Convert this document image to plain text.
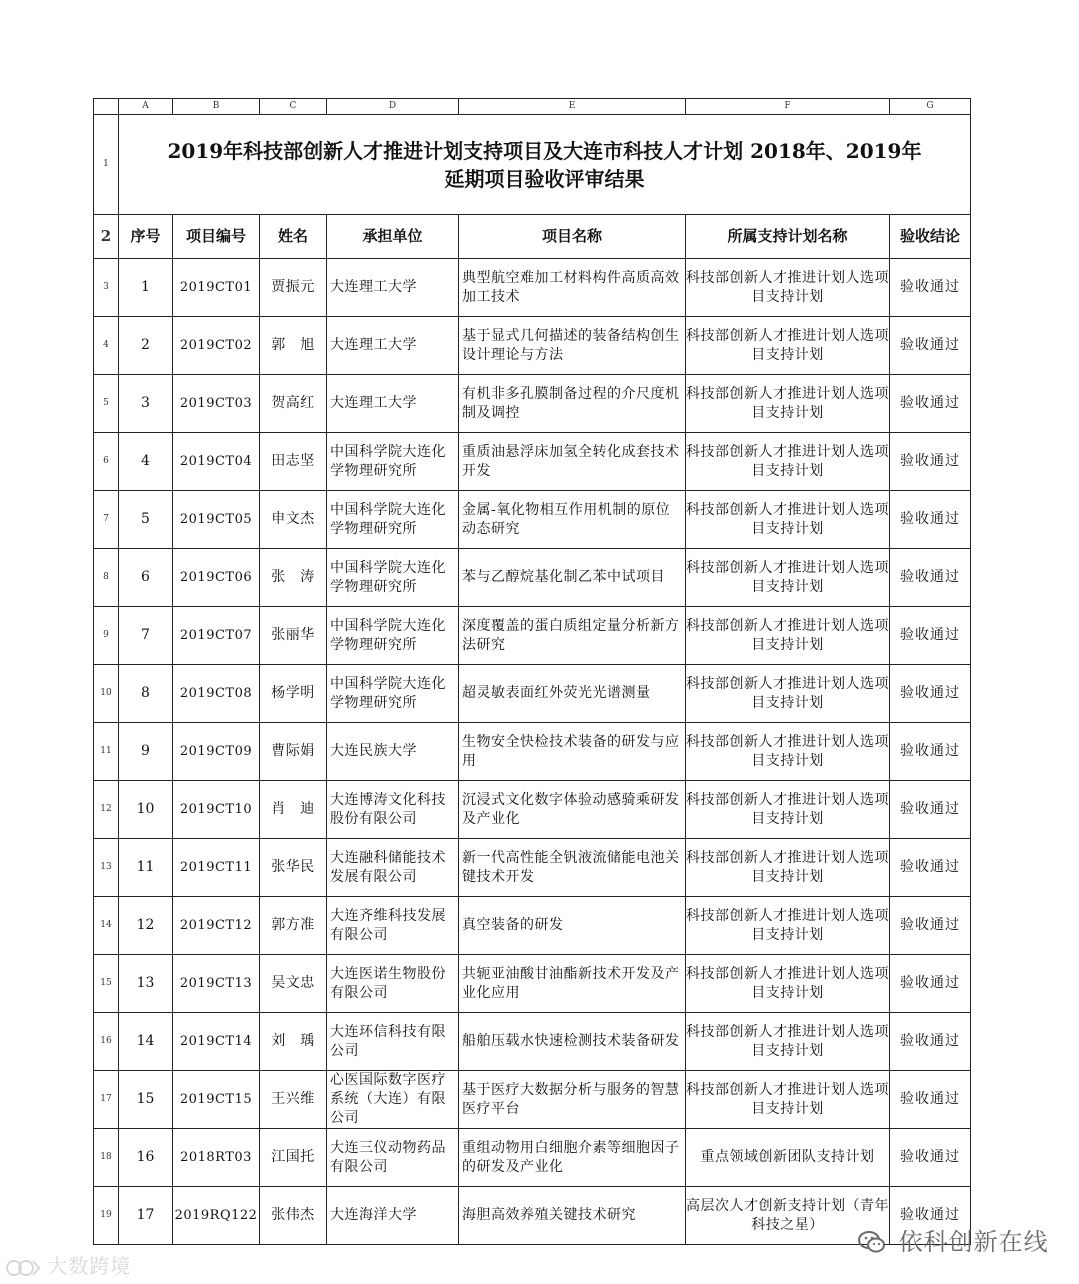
	A	B	C	D	E	F	G
1	2019年科技部创新人才推进计划支持项目及大连市科技人才计划 2018年、2019年
延期项目验收评审结果						

2	序号	项目编号	姓名	承担单位	项目名称	所属支持计划名称	验收结论
3	1	2019CT01	贾振元	大连理工大学	典型航空难加工材料构件高质高效加工技术	科技部创新人才推进计划人选项目支持计划	验收通过
4	2	2019CT02	郭　旭	大连理工大学	基于显式几何描述的装备结构创生设计理论与方法	科技部创新人才推进计划人选项目支持计划	验收通过
5	3	2019CT03	贺高红	大连理工大学	有机非多孔膜制备过程的介尺度机制及调控	科技部创新人才推进计划人选项目支持计划	验收通过
6	4	2019CT04	田志坚	中国科学院大连化学物理研究所	重质油悬浮床加氢全转化成套技术开发	科技部创新人才推进计划人选项目支持计划	验收通过
7	5	2019CT05	申文杰	中国科学院大连化学物理研究所	金属-氧化物相互作用机制的原位动态研究	科技部创新人才推进计划人选项目支持计划	验收通过
8	6	2019CT06	张　涛	中国科学院大连化学物理研究所	苯与乙醇烷基化制乙苯中试项目	科技部创新人才推进计划人选项目支持计划	验收通过
9	7	2019CT07	张丽华	中国科学院大连化学物理研究所	深度覆盖的蛋白质组定量分析新方法研究	科技部创新人才推进计划人选项目支持计划	验收通过
10	8	2019CT08	杨学明	中国科学院大连化学物理研究所	超灵敏表面红外荧光光谱测量	科技部创新人才推进计划人选项目支持计划	验收通过
11	9	2019CT09	曹际娟	大连民族大学	生物安全快检技术装备的研发与应用	科技部创新人才推进计划人选项目支持计划	验收通过
12	10	2019CT10	肖　迪	大连博涛文化科技股份有限公司	沉浸式文化数字体验动感骑乘研发及产业化	科技部创新人才推进计划人选项目支持计划	验收通过
13	11	2019CT11	张华民	大连融科储能技术发展有限公司	新一代高性能全钒液流储能电池关键技术开发	科技部创新人才推进计划人选项目支持计划	验收通过
14	12	2019CT12	郭方准	大连齐维科技发展有限公司	真空装备的研发	科技部创新人才推进计划人选项目支持计划	验收通过
15	13	2019CT13	吴文忠	大连医诺生物股份有限公司	共轭亚油酸甘油酯新技术开发及产业化应用	科技部创新人才推进计划人选项目支持计划	验收通过
16	14	2019CT14	刘　瑀	大连环信科技有限公司	船舶压载水快速检测技术装备研发	科技部创新人才推进计划人选项目支持计划	验收通过
17	15	2019CT15	王兴维	心医国际数字医疗系统（大连）有限公司	基于医疗大数据分析与服务的智慧医疗平台	科技部创新人才推进计划人选项目支持计划	验收通过
18	16	2018RT03	江国托	大连三仪动物药品有限公司	重组动物用白细胞介素等细胞因子的研发及产业化	重点领域创新团队支持计划	验收通过
19	17	2019RQ122	张伟杰	大连海洋大学	海胆高效养殖关键技术研究	高层次人才创新支持计划（青年科技之星）	验收通过
大数跨境
依科创新在线
